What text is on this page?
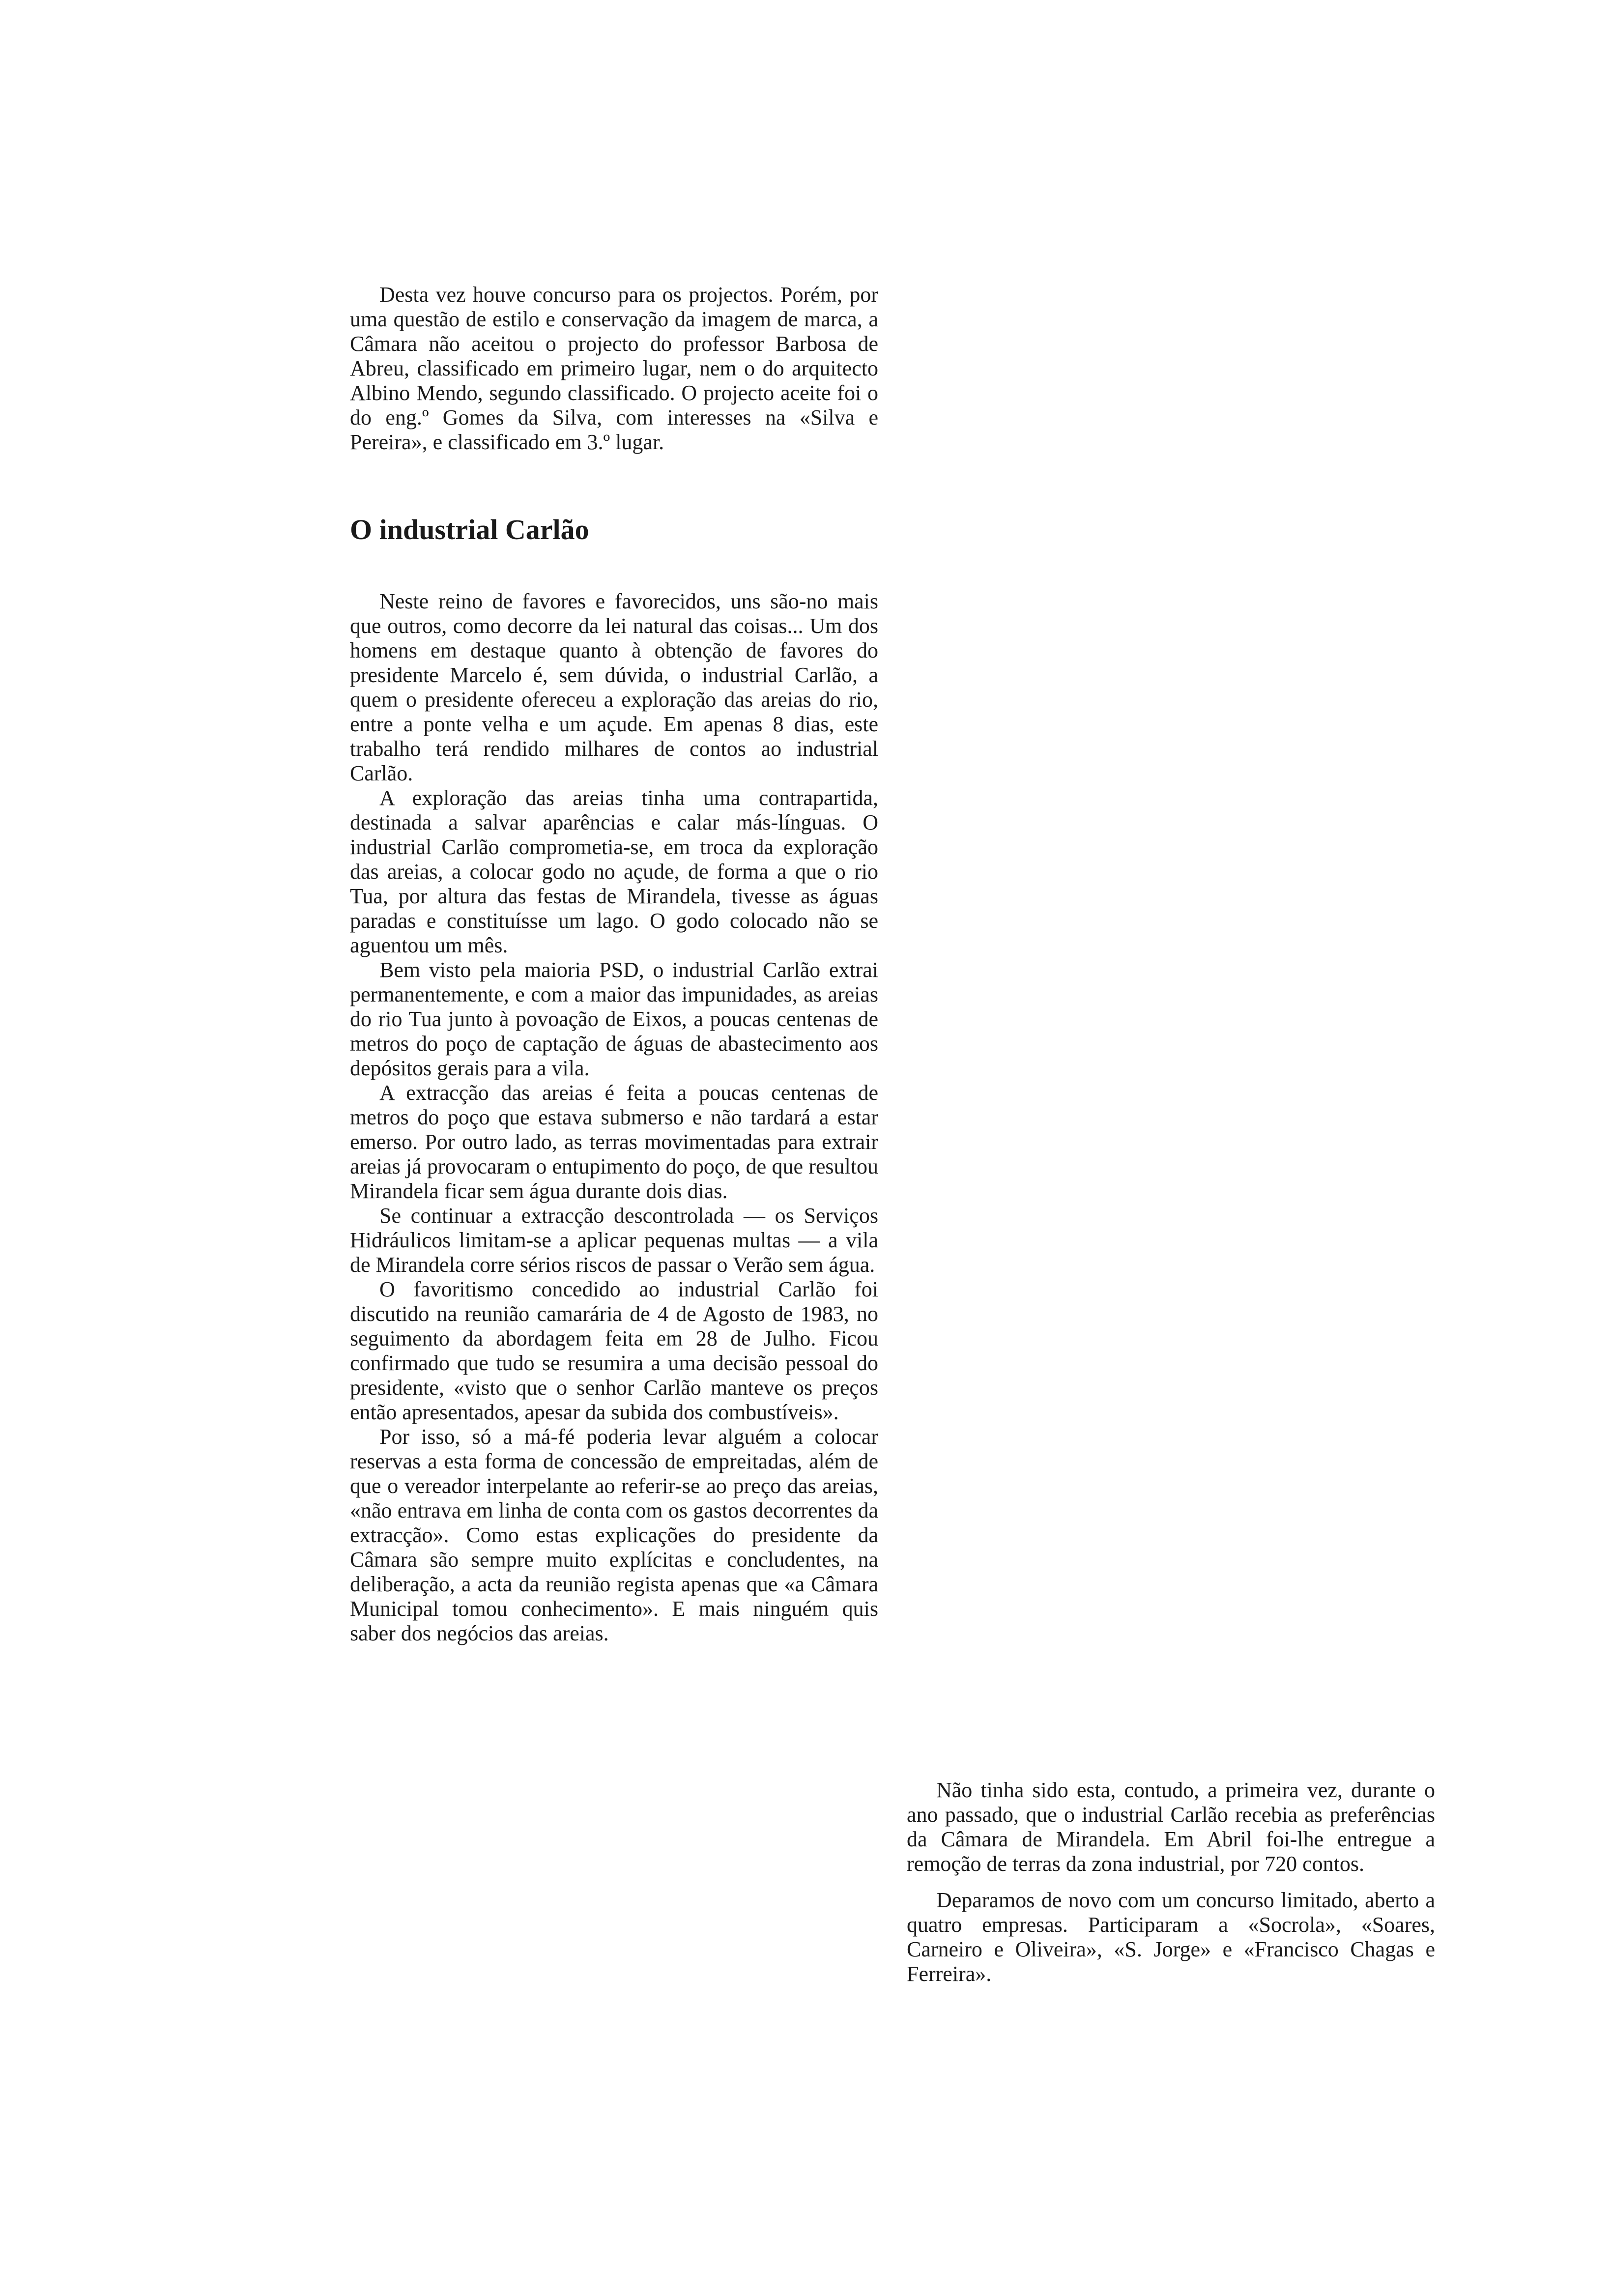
Desta vez houve concurso para os projectos. Porém, por uma questão de estilo e conservação da imagem de marca, a Câmara não aceitou o projecto do professor Barbosa de Abreu, classificado em primeiro lugar, nem o do arquitecto Albino Mendo, segundo classificado. O projecto aceite foi o do eng.º Gomes da Silva, com interesses na «Silva e Pereira», e classificado em 3.º lugar.

O industrial Carlão

Neste reino de favores e favorecidos, uns são-no mais que outros, como decorre da lei natural das coisas... Um dos homens em destaque quanto à obtenção de favores do presidente Marcelo é, sem dúvida, o industrial Carlão, a quem o presidente ofereceu a exploração das areias do rio, entre a ponte velha e um açude. Em apenas 8 dias, este trabalho terá rendido milhares de contos ao industrial Carlão.

A exploração das areias tinha uma contrapartida, destinada a salvar aparências e calar más-línguas. O industrial Carlão comprometia-se, em troca da exploração das areias, a colocar godo no açude, de forma a que o rio Tua, por altura das festas de Mirandela, tivesse as águas paradas e constituísse um lago. O godo colocado não se aguentou um mês.

Bem visto pela maioria PSD, o industrial Carlão extrai permanentemente, e com a maior das impunidades, as areias do rio Tua junto à povoação de Eixos, a poucas centenas de metros do poço de captação de águas de abastecimento aos depósitos gerais para a vila.

A extracção das areias é feita a poucas centenas de metros do poço que estava submerso e não tardará a estar emerso. Por outro lado, as terras movimentadas para extrair areias já provocaram o entupimento do poço, de que resultou Mirandela ficar sem água durante dois dias.

Se continuar a extracção descontrolada — os Serviços Hidráulicos limitam-se a aplicar pequenas multas — a vila de Mirandela corre sérios riscos de passar o Verão sem água.

O favoritismo concedido ao industrial Carlão foi discutido na reunião camarária de 4 de Agosto de 1983, no seguimento da abordagem feita em 28 de Julho. Ficou confirmado que tudo se resumira a uma decisão pessoal do presidente, «visto que o senhor Carlão manteve os preços então apresentados, apesar da subida dos combustíveis».

Por isso, só a má-fé poderia levar alguém a colocar reservas a esta forma de concessão de empreitadas, além de que o vereador interpelante ao referir-se ao preço das areias, «não entrava em linha de conta com os gastos decorrentes da extracção». Como estas explicações do presidente da Câmara são sempre muito explícitas e concludentes, na deliberação, a acta da reunião regista apenas que «a Câmara Municipal tomou conhecimento». E mais ninguém quis saber dos negócios das areias.

Não tinha sido esta, contudo, a primeira vez, durante o ano passado, que o industrial Carlão recebia as preferências da Câmara de Mirandela. Em Abril foi-lhe entregue a remoção de terras da zona industrial, por 720 contos.

Deparamos de novo com um concurso limitado, aberto a quatro empresas. Participaram a «Socrola», «Soares, Carneiro e Oliveira», «S. Jorge» e «Francisco Chagas e Ferreira».
